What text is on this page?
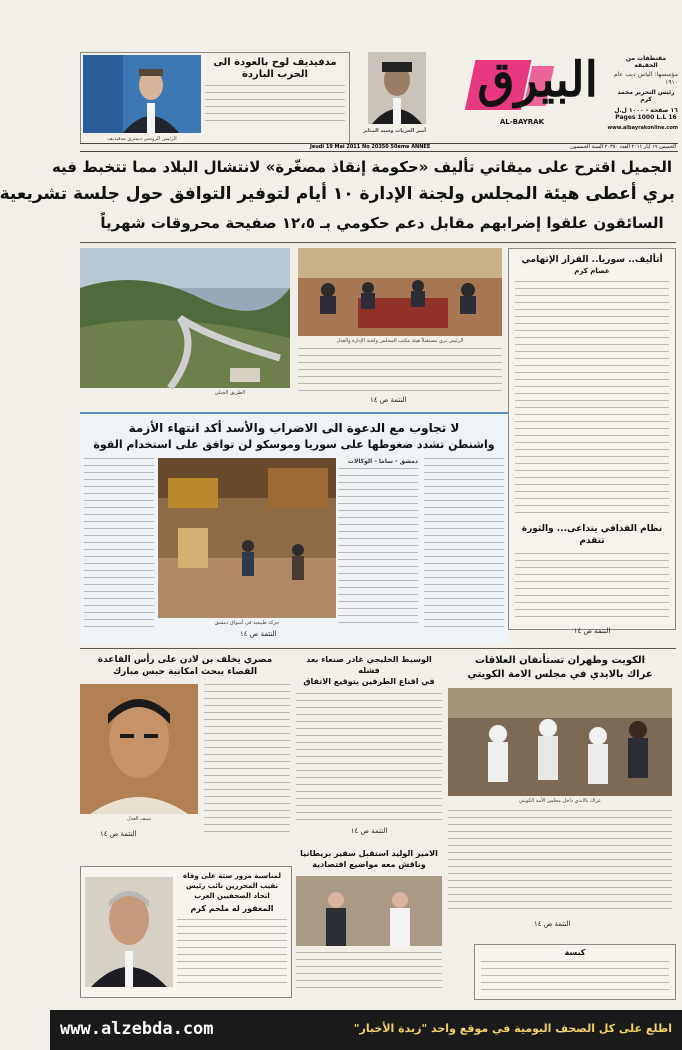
مقتطفات من الحقيقة
مؤسسها: الياس ديب عام ١٩١٠
رئيس التحرير محمد كرم
١٦ صفحة - ١٠٠٠ ل.ل
16 Pages 1000 L.L
www.albayrakonline.com
البيرق
AL-BAYRAK
أمير الحريات وسيد المنابر
مدفيديف لوح بالعودة الى الحرب الباردة
الرئيس الروسي ديمتري مدفيديف
الخميس ١٩ أيار ٢٠١١ العدد ٢٠٣٥٠ السنة الخمسون
Jeudi 19 Mai 2011 No 20350 50ème ANNÉE
الجميل اقترح على ميقاتي تأليف «حكومة إنقاذ مصغّرة» لانتشال البلاد مما تتخبط فيه
بري أعطى هيئة المجلس ولجنة الإدارة ١٠ أيام لتوفير التوافق حول جلسة تشريعية
السائقون علقوا إضرابهم مقابل دعم حكومي بـ ١٢،٥ صفيحة محروقات شهرياً
الطريق الجبلي
الرئيس بري مستقبلاً هيئة مكتب المجلس ولجنة الإدارة والعدل
التتمة ص ١٤
أتأليف.. سوريا.. القرار الإتهامي
عصام كرم
نظام القذافي يتداعى... والثورة تتقدم
التتمة ص ١٤
لا تجاوب مع الدعوة الى الاضراب والأسد أكد انتهاء الأزمة
واشنطن تشدد ضغوطها على سوريا وموسكو لن توافق على استخدام القوة
دمشق - ساما - الوكالات
حركة طبيعية في أسواق دمشق
التتمة ص ١٤
الكويت وطهران تستأنفان العلاقات
عراك بالايدي في مجلس الامة الكويتي
عراك بالايدي داخل مجلس الأمة الكويتي
التتمة ص ١٤
الوسيط الخليجي غادر صنعاء بعد فشله
في اقناع الطرفين بتوقيع الاتفاق
التتمة ص ١٤
مصري يخلف بن لادن على رأس القاعدة
القضاء يبحث امكانية حبس مبارك
سيف العدل
التتمة ص ١٤
الامير الوليد استقبل سفير بريطانيا
وناقش معه مواضيع اقتصادية
لمناسبة مرور ستة على وفاة
نقيب المحررين نائب رئيس
اتحاد الصحفيين العرب
المغفور له ملحم كرم
كبسة
اطلع على كل الصحف اليومية في موقع واحد "زبدة الأخبار"
www.alzebda.com
